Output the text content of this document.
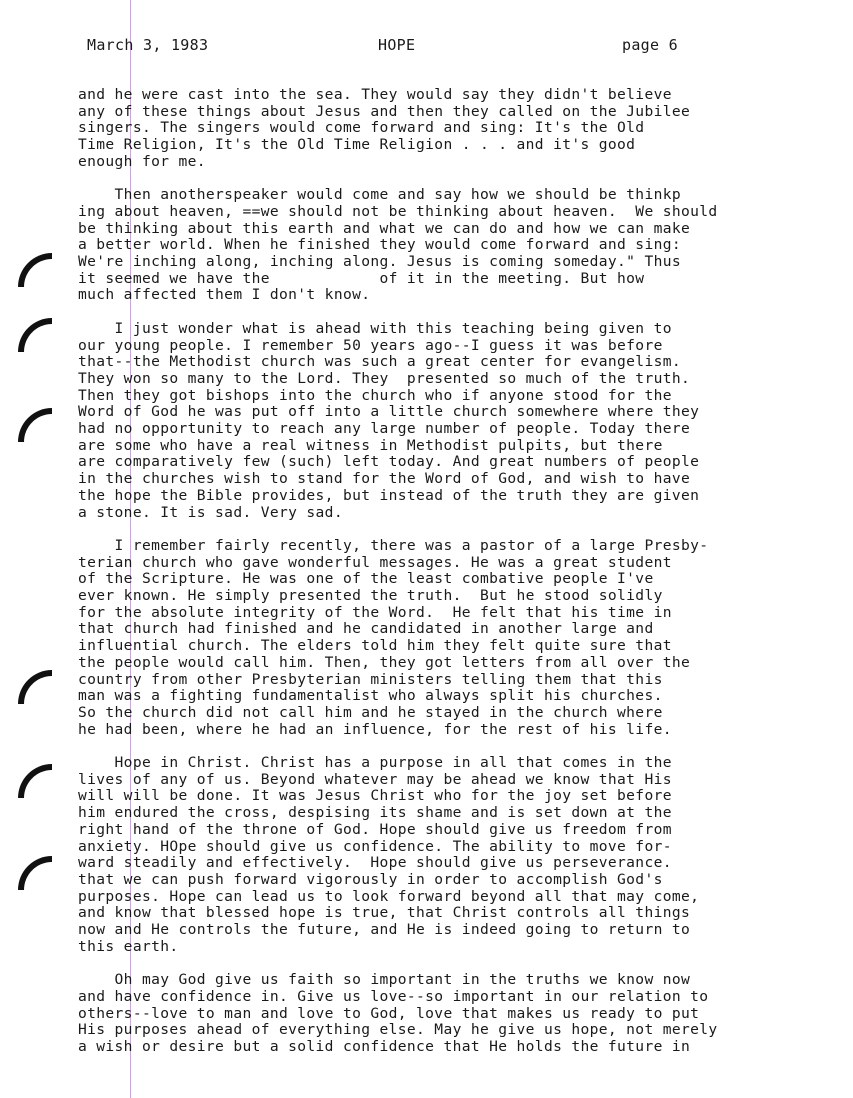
March 3, 1983	HOPE	page 6
and he were cast into the sea. They would say they didn't believe
any of these things about Jesus and then they called on the Jubilee
singers. The singers would come forward and sing: It's the Old
Time Religion, It's the Old Time Religion . . . and it's good
enough for me.
Then anotherspeaker would come and say how we should be thinkp
ing about heaven, ==we should not be thinking about heaven.  We should
be thinking about this earth and what we can do and how we can make
a better world. When he finished they would come forward and sing:
We're inching along, inching along. Jesus is coming someday." Thus
it seemed we have the            of it in the meeting. But how
much affected them I don't know.
I just wonder what is ahead with this teaching being given to
our young people. I remember 50 years ago--I guess it was before
that--the Methodist church was such a great center for evangelism.
They won so many to the Lord. They  presented so much of the truth.
Then they got bishops into the church who if anyone stood for the
Word of God he was put off into a little church somewhere where they
had no opportunity to reach any large number of people. Today there
are some who have a real witness in Methodist pulpits, but there
are comparatively few (such) left today. And great numbers of people
in the churches wish to stand for the Word of God, and wish to have
the hope the Bible provides, but instead of the truth they are given
a stone. It is sad. Very sad.
I remember fairly recently, there was a pastor of a large Presby-
terian church who gave wonderful messages. He was a great student
of the Scripture. He was one of the least combative people I've
ever known. He simply presented the truth.  But he stood solidly
for the absolute integrity of the Word.  He felt that his time in
that church had finished and he candidated in another large and
influential church. The elders told him they felt quite sure that
the people would call him. Then, they got letters from all over the
country from other Presbyterian ministers telling them that this
man was a fighting fundamentalist who always split his churches.
So the church did not call him and he stayed in the church where
he had been, where he had an influence, for the rest of his life.
Hope in Christ. Christ has a purpose in all that comes in the
lives of any of us. Beyond whatever may be ahead we know that His
will will be done. It was Jesus Christ who for the joy set before
him endured the cross, despising its shame and is set down at the
right hand of the throne of God. Hope should give us freedom from
anxiety. HOpe should give us confidence. The ability to move for-
ward steadily and effectively.  Hope should give us perseverance.
that we can push forward vigorously in order to accomplish God's
purposes. Hope can lead us to look forward beyond all that may come,
and know that blessed hope is true, that Christ controls all things
now and He controls the future, and He is indeed going to return to
this earth.
Oh may God give us faith so important in the truths we know now
and have confidence in. Give us love--so important in our relation to
others--love to man and love to God, love that makes us ready to put
His purposes ahead of everything else. May he give us hope, not merely
a wish or desire but a solid confidence that He holds the future in
